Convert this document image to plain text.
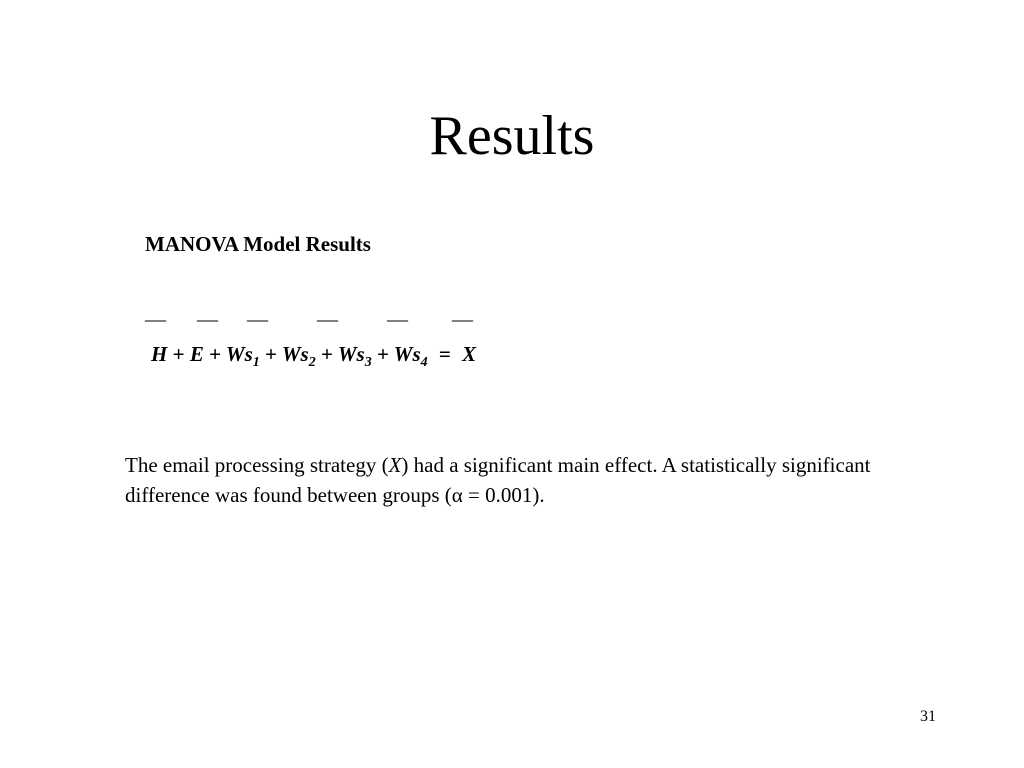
Results
MANOVA Model Results
— — — — — —
$H + E + Ws_1 + Ws_2 + Ws_3 + Ws_4 = X$

The email processing strategy (X) had a significant main effect. A statistically significant difference was found between groups (α = 0.001).

31
